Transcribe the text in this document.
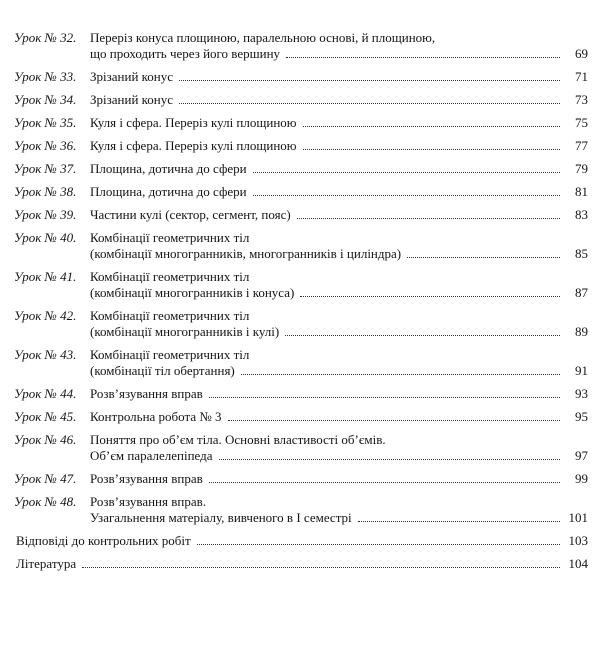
Урок № 32.	Переріз конуса площиною, паралельною основі, й площиною,
що проходить через його вершину	69
Урок № 33.	Зрізаний конус	71
Урок № 34.	Зрізаний конус	73
Урок № 35.	Куля і сфера. Переріз кулі площиною	75
Урок № 36.	Куля і сфера. Переріз кулі площиною	77
Урок № 37.	Площина, дотична до сфери	79
Урок № 38.	Площина, дотична до сфери	81
Урок № 39.	Частини кулі (сектор, сегмент, пояс)	83
Урок № 40.	Комбінації геометричних тіл
(комбінації многогранників, многогранників і циліндра)	85
Урок № 41.	Комбінації геометричних тіл
(комбінації многогранників і конуса)	87
Урок № 42.	Комбінації геометричних тіл
(комбінації многогранників і кулі)	89
Урок № 43.	Комбінації геометричних тіл
(комбінації тіл обертання)	91
Урок № 44.	Розв’язування вправ	93
Урок № 45.	Контрольна робота № 3	95
Урок № 46.	Поняття про об’єм тіла. Основні властивості об’ємів.
Об’єм паралелепіпеда	97
Урок № 47.	Розв’язування вправ	99
Урок № 48.	Розв’язування вправ.
Узагальнення матеріалу, вивченого в I семестрі	101
Відповіді до контрольних робіт	103
Література	104
